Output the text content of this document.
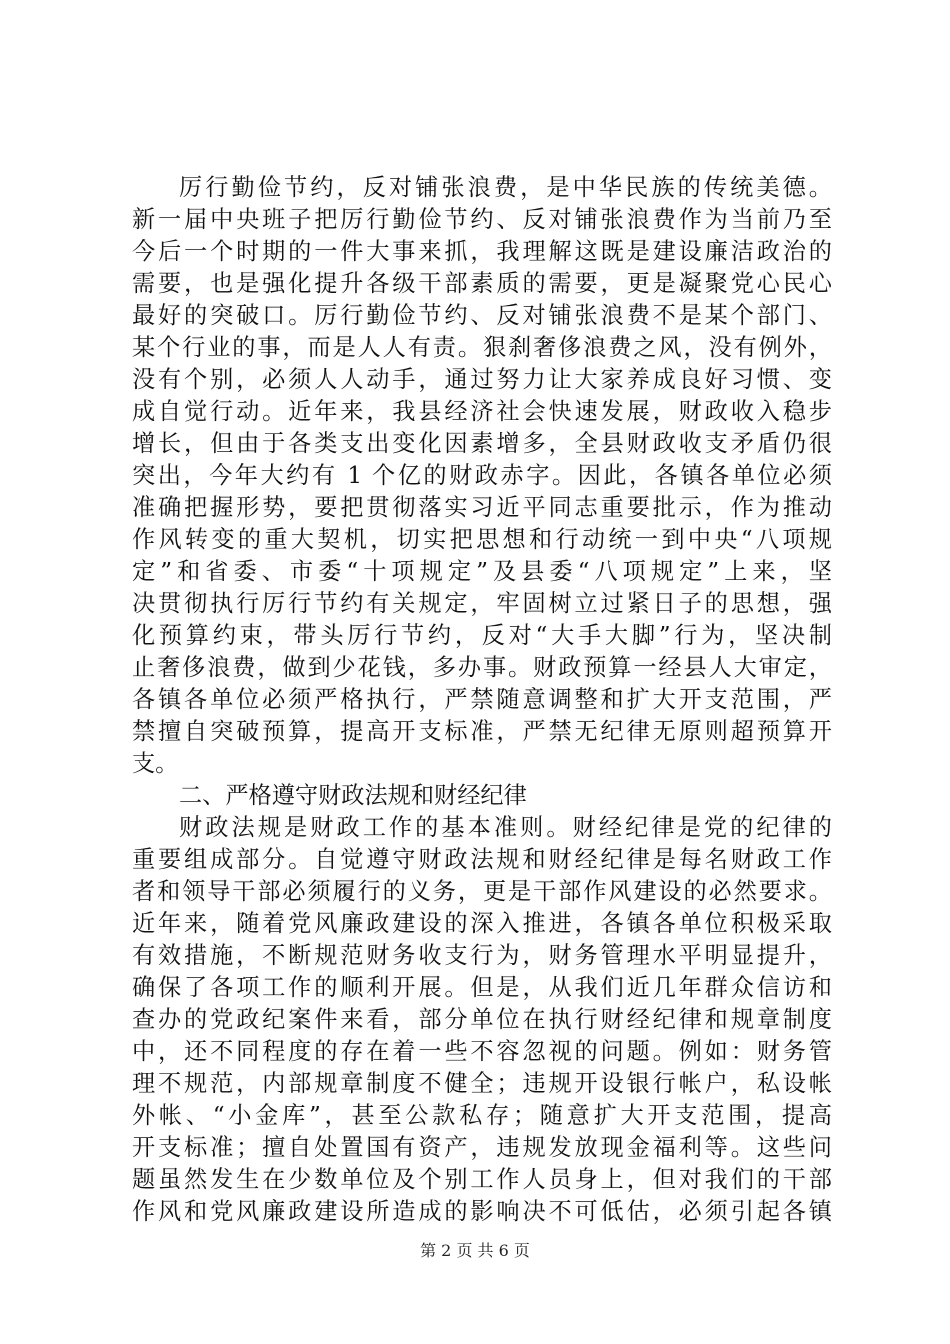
厉行勤俭节约，反对铺张浪费，是中华民族的传统美德。
新一届中央班子把厉行勤俭节约、反对铺张浪费作为当前乃至
今后一个时期的一件大事来抓，我理解这既是建设廉洁政治的
需要，也是强化提升各级干部素质的需要，更是凝聚党心民心
最好的突破口。厉行勤俭节约、反对铺张浪费不是某个部门、
某个行业的事，而是人人有责。狠刹奢侈浪费之风，没有例外，
没有个别，必须人人动手，通过努力让大家养成良好习惯、变
成自觉行动。近年来，我县经济社会快速发展，财政收入稳步
增长，但由于各类支出变化因素增多，全县财政收支矛盾仍很
突出，今年大约有 1 个亿的财政赤字。因此，各镇各单位必须
准确把握形势，要把贯彻落实习近平同志重要批示，作为推动
作风转变的重大契机，切实把思想和行动统一到中央“八项规
定”和省委、市委“十项规定”及县委“八项规定”上来，坚
决贯彻执行厉行节约有关规定，牢固树立过紧日子的思想，强
化预算约束，带头厉行节约，反对“大手大脚”行为，坚决制
止奢侈浪费，做到少花钱，多办事。财政预算一经县人大审定，
各镇各单位必须严格执行，严禁随意调整和扩大开支范围，严
禁擅自突破预算，提高开支标准，严禁无纪律无原则超预算开
支。
二、严格遵守财政法规和财经纪律
财政法规是财政工作的基本准则。财经纪律是党的纪律的
重要组成部分。自觉遵守财政法规和财经纪律是每名财政工作
者和领导干部必须履行的义务，更是干部作风建设的必然要求。
近年来，随着党风廉政建设的深入推进，各镇各单位积极采取
有效措施，不断规范财务收支行为，财务管理水平明显提升，
确保了各项工作的顺利开展。但是，从我们近几年群众信访和
查办的党政纪案件来看，部分单位在执行财经纪律和规章制度
中，还不同程度的存在着一些不容忽视的问题。例如：财务管
理不规范，内部规章制度不健全；违规开设银行帐户，私设帐
外帐、“小金库”，甚至公款私存；随意扩大开支范围，提高
开支标准；擅自处置国有资产，违规发放现金福利等。这些问
题虽然发生在少数单位及个别工作人员身上，但对我们的干部
作风和党风廉政建设所造成的影响决不可低估，必须引起各镇
第 2 页 共 6 页
